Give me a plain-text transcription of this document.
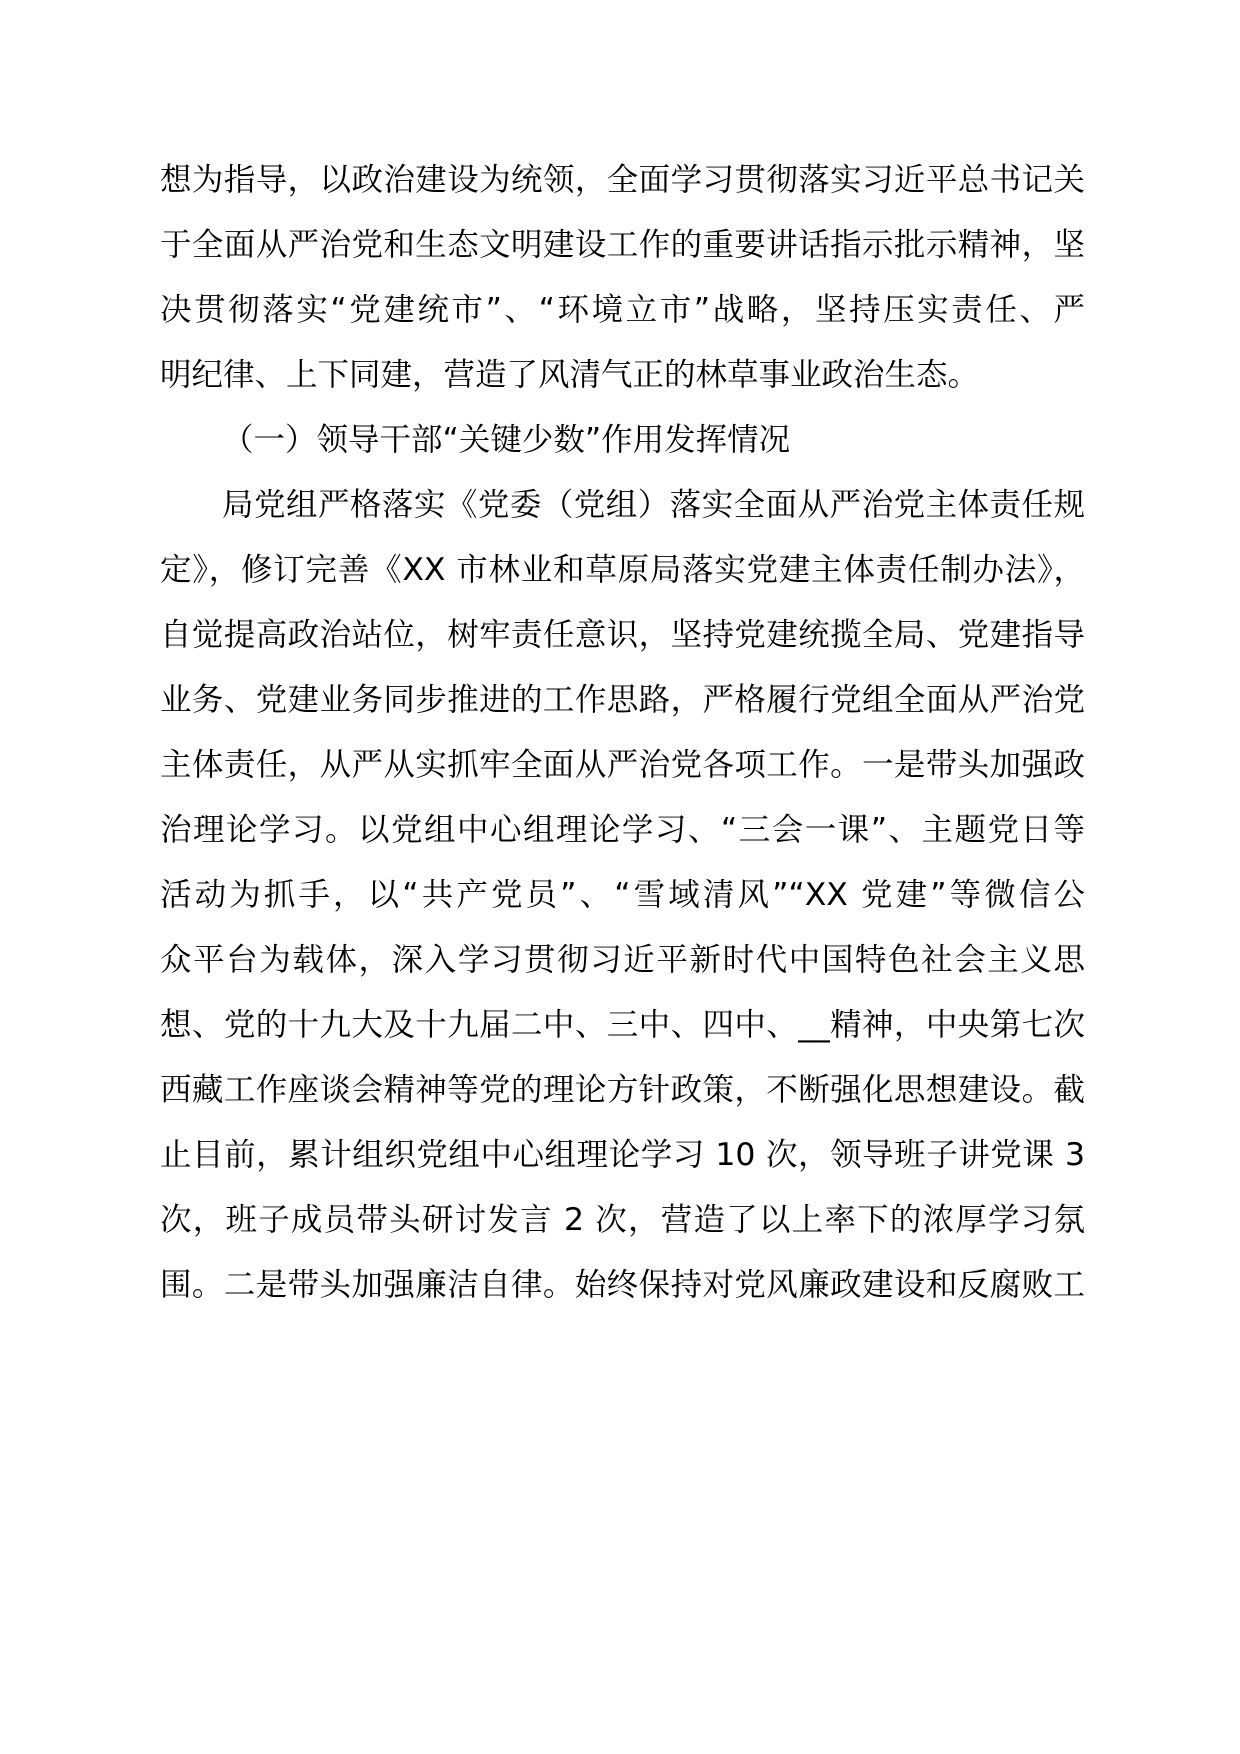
想为指导，以政治建设为统领，全面学习贯彻落实习近平总书记关
于全面从严治党和生态文明建设工作的重要讲话指示批示精神，坚
决贯彻落实“党建统市”、“环境立市”战略，坚持压实责任、严
明纪律、上下同建，营造了风清气正的林草事业政治生态。
（一）领导干部“关键少数”作用发挥情况
局党组严格落实《党委（党组）落实全面从严治党主体责任规
定》，修订完善《XX 市林业和草原局落实党建主体责任制办法》，
自觉提高政治站位，树牢责任意识，坚持党建统揽全局、党建指导
业务、党建业务同步推进的工作思路，严格履行党组全面从严治党
主体责任，从严从实抓牢全面从严治党各项工作。一是带头加强政
治理论学习。以党组中心组理论学习、“三会一课”、主题党日等
活动为抓手，以“共产党员”、“雪域清风”“XX 党建”等微信公
众平台为载体，深入学习贯彻习近平新时代中国特色社会主义思
想、党的十九大及十九届二中、三中、四中、__精神，中央第七次
西藏工作座谈会精神等党的理论方针政策，不断强化思想建设。截
止目前，累计组织党组中心组理论学习 10 次，领导班子讲党课 3
次，班子成员带头研讨发言 2 次，营造了以上率下的浓厚学习氛
围。二是带头加强廉洁自律。始终保持对党风廉政建设和反腐败工
